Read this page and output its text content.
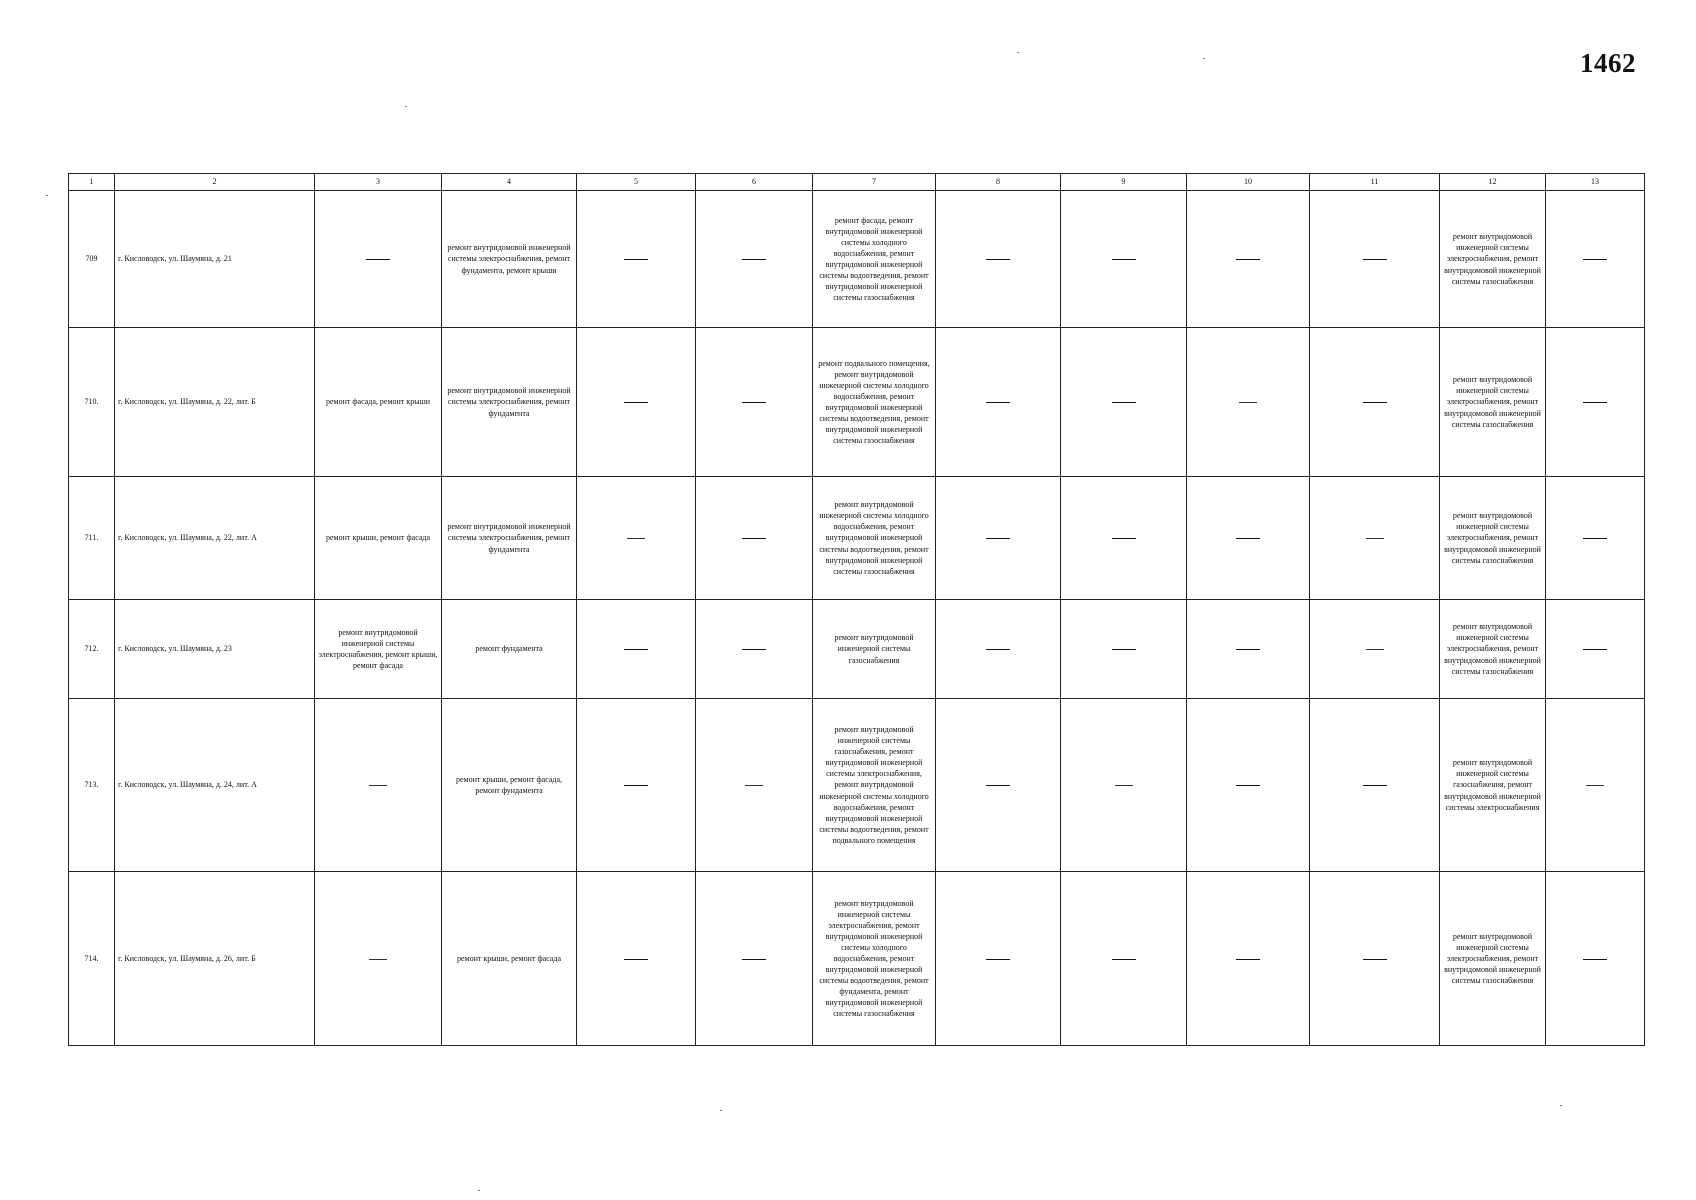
1462
1	2	3	4	5	6	7	8	9	10	11	12	13
709	г. Кисловодск, ул. Шаумяна, д. 21		ремонт внутридомовой инженерной системы электроснабжения, ремонт фундамента, ремонт крыши			ремонт фасада, ремонт внутридомовой инженерной системы холодного водоснабжения, ремонт внутридомовой инженерной системы водоотведения, ремонт внутридомовой инженерной системы газоснабжения					ремонт внутридомовой инженерной системы электроснабжения, ремонт внутридомовой инженерной системы газоснабжения	
710.	г. Кисловодск, ул. Шаумяна, д. 22, лит. Б	ремонт фасада, ремонт крыши	ремонт внутридомовой инженерной системы электроснабжения, ремонт фундамента			ремонт подвального помещения, ремонт внутридомовой инженерной системы холодного водоснабжения, ремонт внутридомовой инженерной системы водоотведения, ремонт внутридомовой инженерной системы газоснабжения					ремонт внутридомовой инженерной системы электроснабжения, ремонт внутридомовой инженерной системы газоснабжения	
711.	г. Кисловодск, ул. Шаумяна, д. 22, лит. А	ремонт крыши, ремонт фасада	ремонт внутридомовой инженерной системы электроснабжения, ремонт фундамента			ремонт внутридомовой инженерной системы холодного водоснабжения, ремонт внутридомовой инженерной системы водоотведения, ремонт внутридомовой инженерной системы газоснабжения					ремонт внутридомовой инженерной системы электроснабжения, ремонт внутридомовой инженерной системы газоснабжения	
712.	г. Кисловодск, ул. Шаумяна, д. 23	ремонт внутридомовой инженерной системы электроснабжения, ремонт крыши, ремонт фасада	ремонт фундамента			ремонт внутридомовой инженерной системы газоснабжения					ремонт внутридомовой инженерной системы электроснабжения, ремонт внутридомовой инженерной системы газоснабжения	
713.	г. Кисловодск, ул. Шаумяна, д. 24, лит. А		ремонт крыши, ремонт фасада, ремонт фундамента			ремонт внутридомовой инженерной системы газоснабжения, ремонт внутридомовой инженерной системы электроснабжения, ремонт внутридомовой инженерной системы холодного водоснабжения, ремонт внутридомовой инженерной системы водоотведения, ремонт подвального помещения					ремонт внутридомовой инженерной системы газоснабжения, ремонт внутридомовой инженерной системы электроснабжения	
714.	г. Кисловодск, ул. Шаумяна, д. 26, лит. Б		ремонт крыши, ремонт фасада			ремонт внутридомовой инженерной системы электроснабжения, ремонт внутридомовой инженерной системы холодного водоснабжения, ремонт внутридомовой инженерной системы водоотведения, ремонт фундамента, ремонт внутридомовой инженерной системы газоснабжения					ремонт внутридомовой инженерной системы электроснабжения, ремонт внутридомовой инженерной системы газоснабжения	
